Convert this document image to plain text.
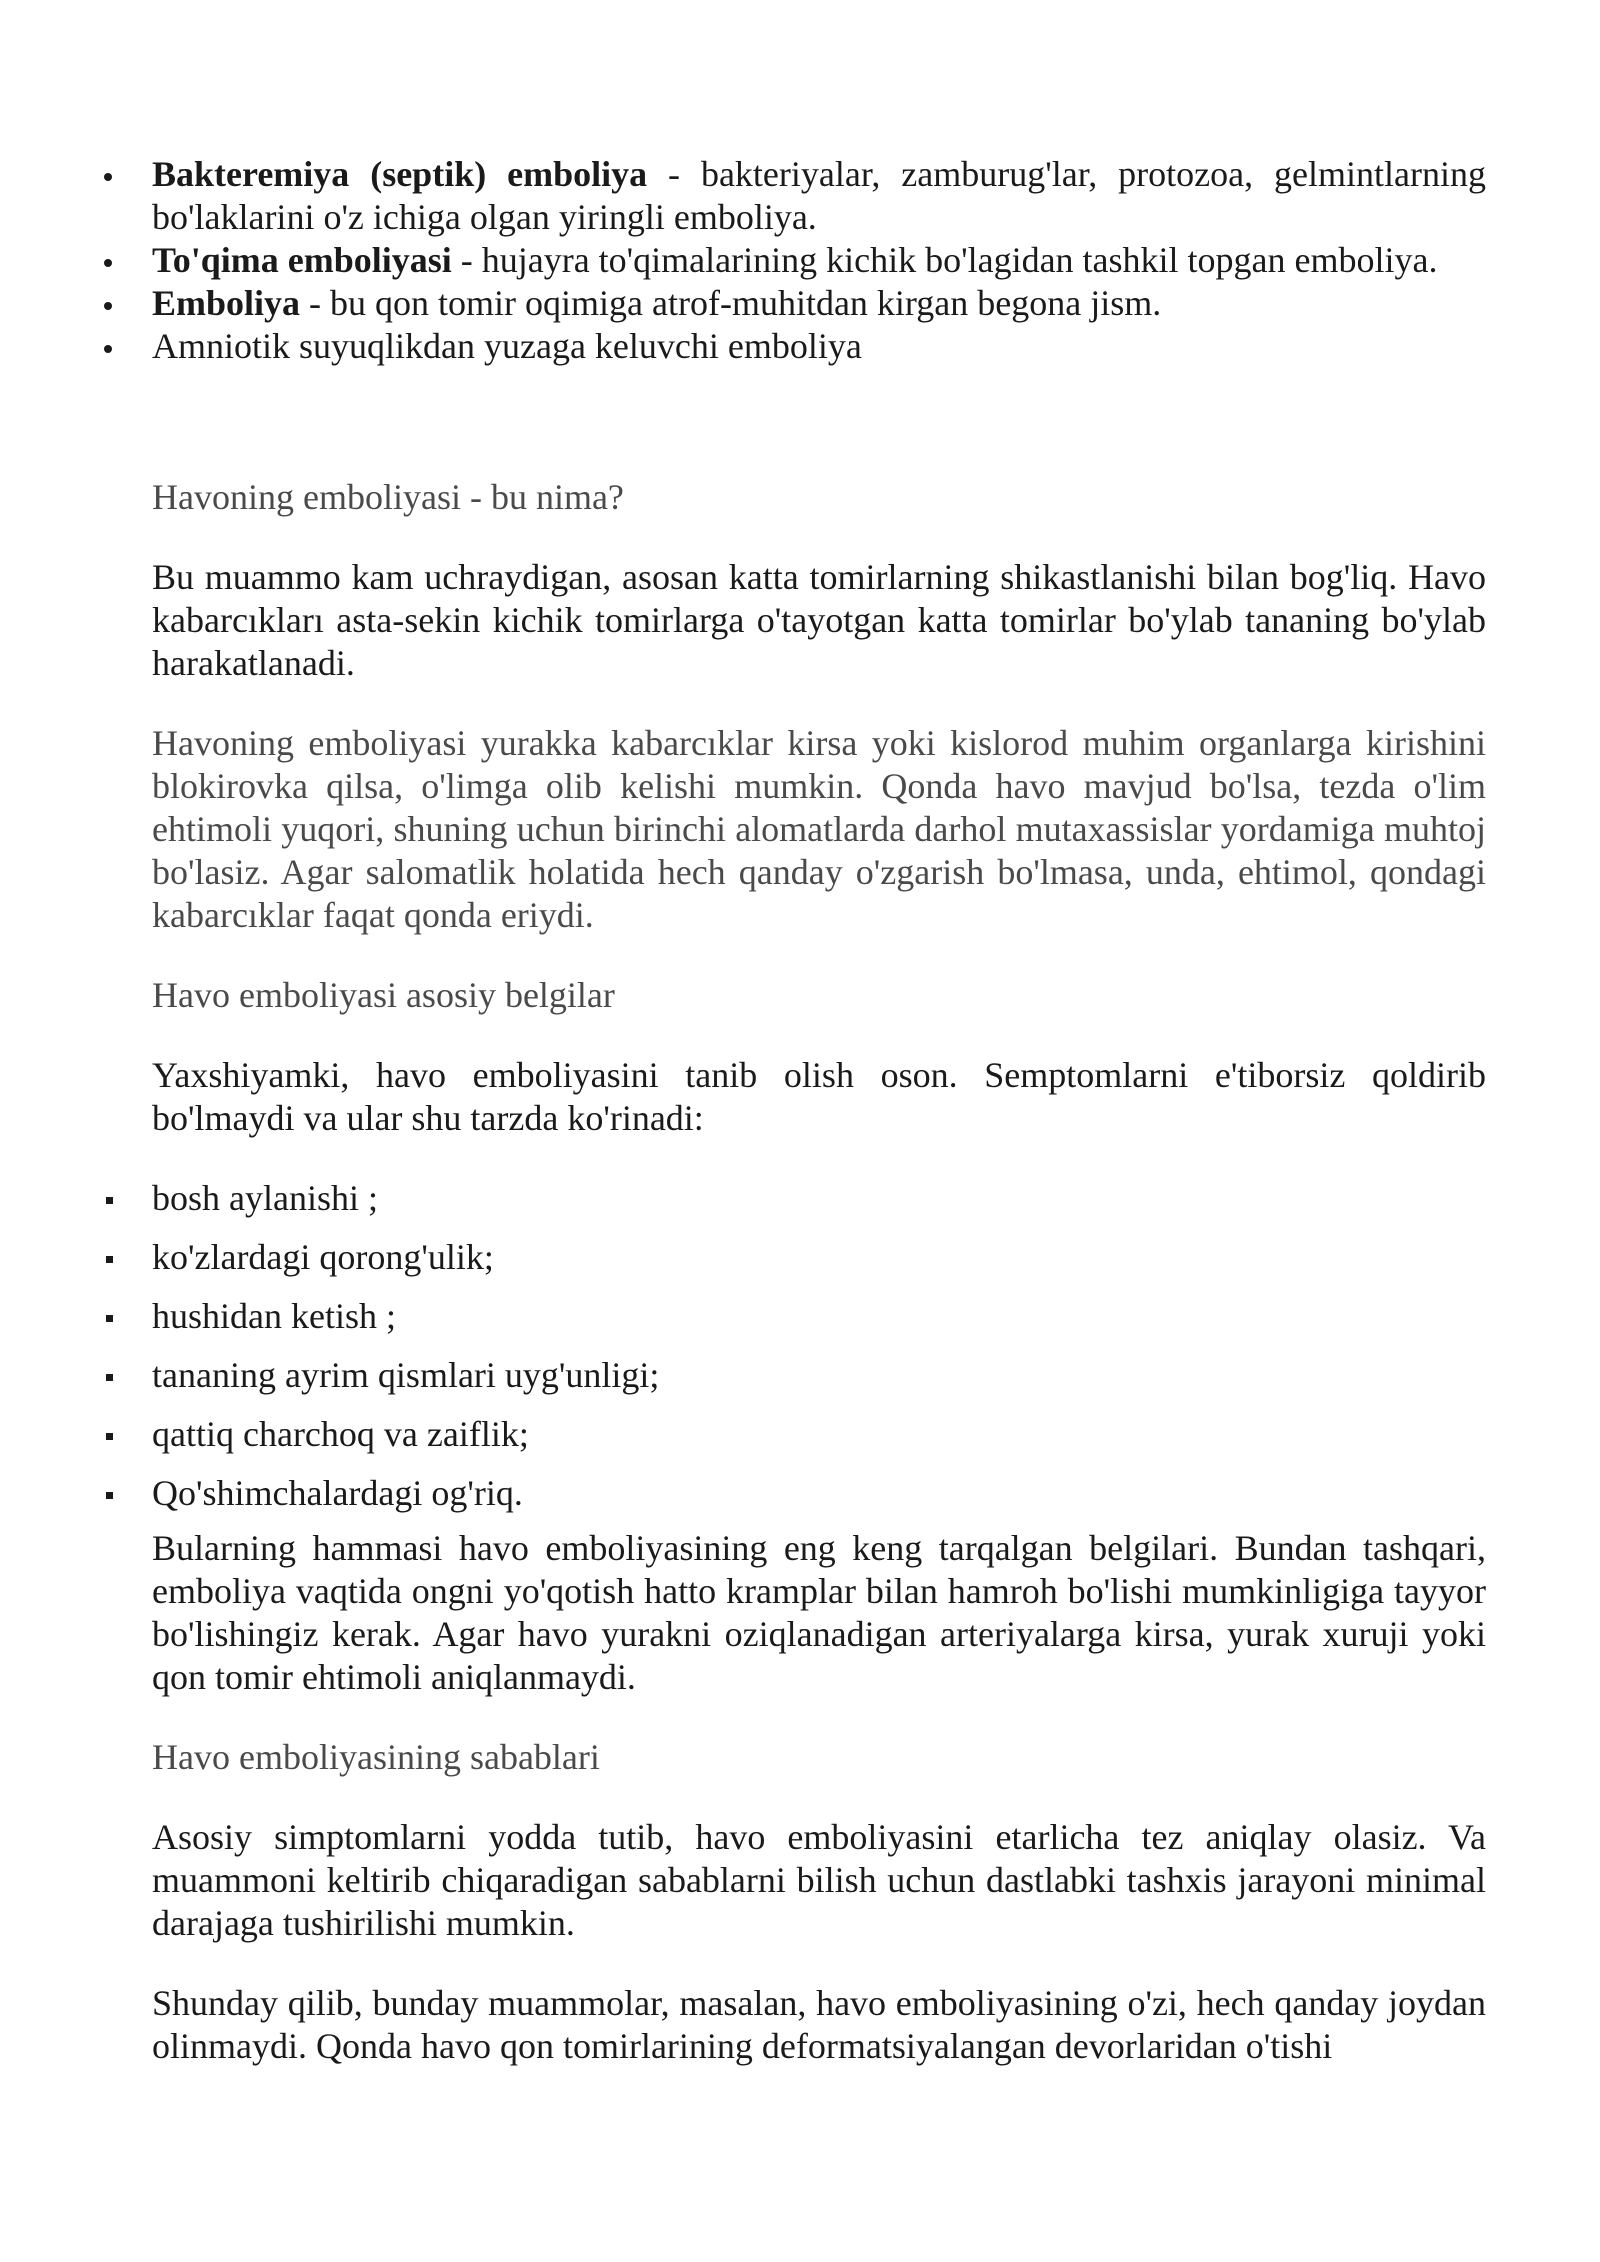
Bakteremiya (septik) emboliya - bakteriyalar, zamburug'lar, protozoa, gelmintlarning bo'laklarini o'z ichiga olgan yiringli emboliya.
To'qima emboliyasi - hujayra to'qimalarining kichik bo'lagidan tashkil topgan emboliya.
Emboliya - bu qon tomir oqimiga atrof-muhitdan kirgan begona jism.
Amniotik suyuqlikdan yuzaga keluvchi emboliya

Havoning emboliyasi - bu nima?

Bu muammo kam uchraydigan, asosan katta tomirlarning shikastlanishi bilan bog'liq. Havo kabarcıkları asta-sekin kichik tomirlarga o'tayotgan katta tomirlar bo'ylab tananing bo'ylab harakatlanadi.

Havoning emboliyasi yurakka kabarcıklar kirsa yoki kislorod muhim organlarga kirishini blokirovka qilsa, o'limga olib kelishi mumkin. Qonda havo mavjud bo'lsa, tezda o'lim ehtimoli yuqori, shuning uchun birinchi alomatlarda darhol mutaxassislar yordamiga muhtoj bo'lasiz. Agar salomatlik holatida hech qanday o'zgarish bo'lmasa, unda, ehtimol, qondagi kabarcıklar faqat qonda eriydi.

Havo emboliyasi asosiy belgilar

Yaxshiyamki, havo emboliyasini tanib olish oson. Semptomlarni e'tiborsiz qoldirib bo'lmaydi va ular shu tarzda ko'rinadi:

bosh aylanishi ;
ko'zlardagi qorong'ulik;
hushidan ketish ;
tananing ayrim qismlari uyg'unligi;
qattiq charchoq va zaiflik;
Qo'shimchalardagi og'riq.

Bularning hammasi havo emboliyasining eng keng tarqalgan belgilari. Bundan tashqari, emboliya vaqtida ongni yo'qotish hatto kramplar bilan hamroh bo'lishi mumkinligiga tayyor bo'lishingiz kerak. Agar havo yurakni oziqlanadigan arteriyalarga kirsa, yurak xuruji yoki qon tomir ehtimoli aniqlanmaydi.

Havo emboliyasining sabablari

Asosiy simptomlarni yodda tutib, havo emboliyasini etarlicha tez aniqlay olasiz. Va muammoni keltirib chiqaradigan sabablarni bilish uchun dastlabki tashxis jarayoni minimal darajaga tushirilishi mumkin.

Shunday qilib, bunday muammolar, masalan, havo emboliyasining o'zi, hech qanday joydan olinmaydi. Qonda havo qon tomirlarining deformatsiyalangan devorlaridan o'tishi
